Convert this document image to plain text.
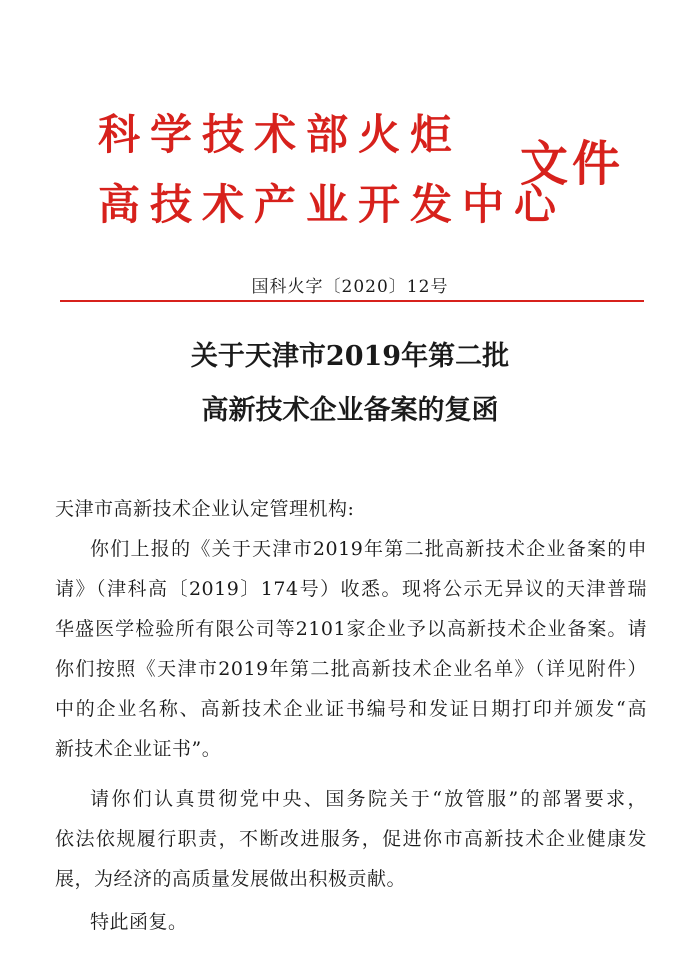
科学技术部火炬
高技术产业开发中心
文件
国科火字〔2020〕12号
关于天津市2019年第二批
高新技术企业备案的复函
天津市高新技术企业认定管理机构:
你们上报的《关于天津市2019年第二批高新技术企业备案的申
请》（津科高〔2019〕174号）收悉。现将公示无异议的天津普瑞
华盛医学检验所有限公司等2101家企业予以高新技术企业备案。请
你们按照《天津市2019年第二批高新技术企业名单》（详见附件）
中的企业名称、高新技术企业证书编号和发证日期打印并颁发“高
新技术企业证书”。
请你们认真贯彻党中央、国务院关于“放管服”的部署要求，
依法依规履行职责，不断改进服务，促进你市高新技术企业健康发
展，为经济的高质量发展做出积极贡献。
特此函复。
